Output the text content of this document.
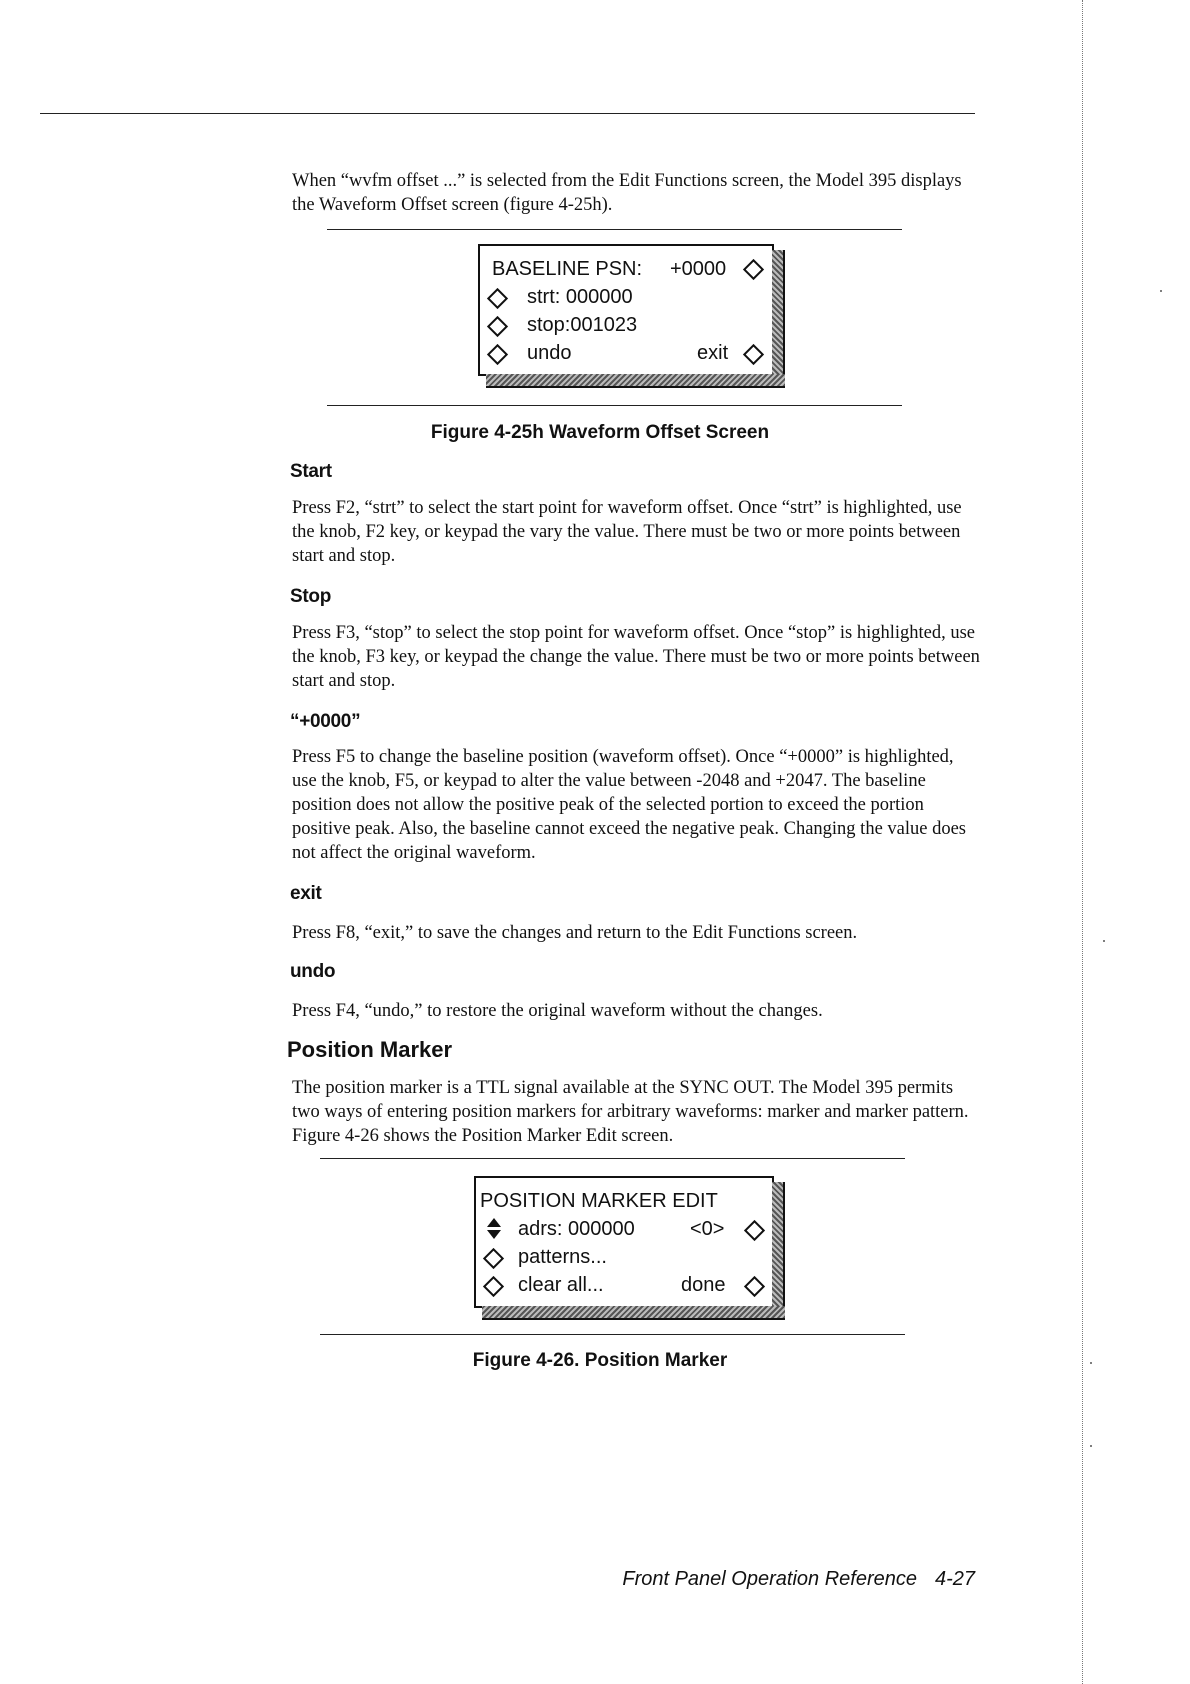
When “wvfm offset ...” is selected from the Edit Functions screen, the Model 395 displays the Waveform Offset screen (figure 4-25h).

BASELINE PSN: +0000
strt: 000000
stop:001023
undo	exit

Figure 4-25h Waveform Offset Screen

Start

Press F2, “strt” to select the start point for waveform offset. Once “strt” is highlighted, use the knob, F2 key, or keypad the vary the value. There must be two or more points between start and stop.

Stop

Press F3, “stop” to select the stop point for waveform offset. Once “stop” is highlighted, use the knob, F3 key, or keypad the change the value. There must be two or more points between start and stop.

“+0000”

Press F5 to change the baseline position (waveform offset). Once “+0000” is highlighted, use the knob, F5, or keypad to alter the value between -2048 and +2047. The baseline position does not allow the positive peak of the selected portion to exceed the portion positive peak. Also, the baseline cannot exceed the negative peak. Changing the value does not affect the original waveform.

exit

Press F8, “exit,” to save the changes and return to the Edit Functions screen.

undo

Press F4, “undo,” to restore the original waveform without the changes.

Position Marker

The position marker is a TTL signal available at the SYNC OUT. The Model 395 permits two ways of entering position markers for arbitrary waveforms: marker and marker pattern. Figure 4-26 shows the Position Marker Edit screen.

POSITION MARKER EDIT
adrs: 000000	<0>
patterns...
clear all...	done

Figure 4-26. Position Marker

Front Panel Operation Reference 4-27
